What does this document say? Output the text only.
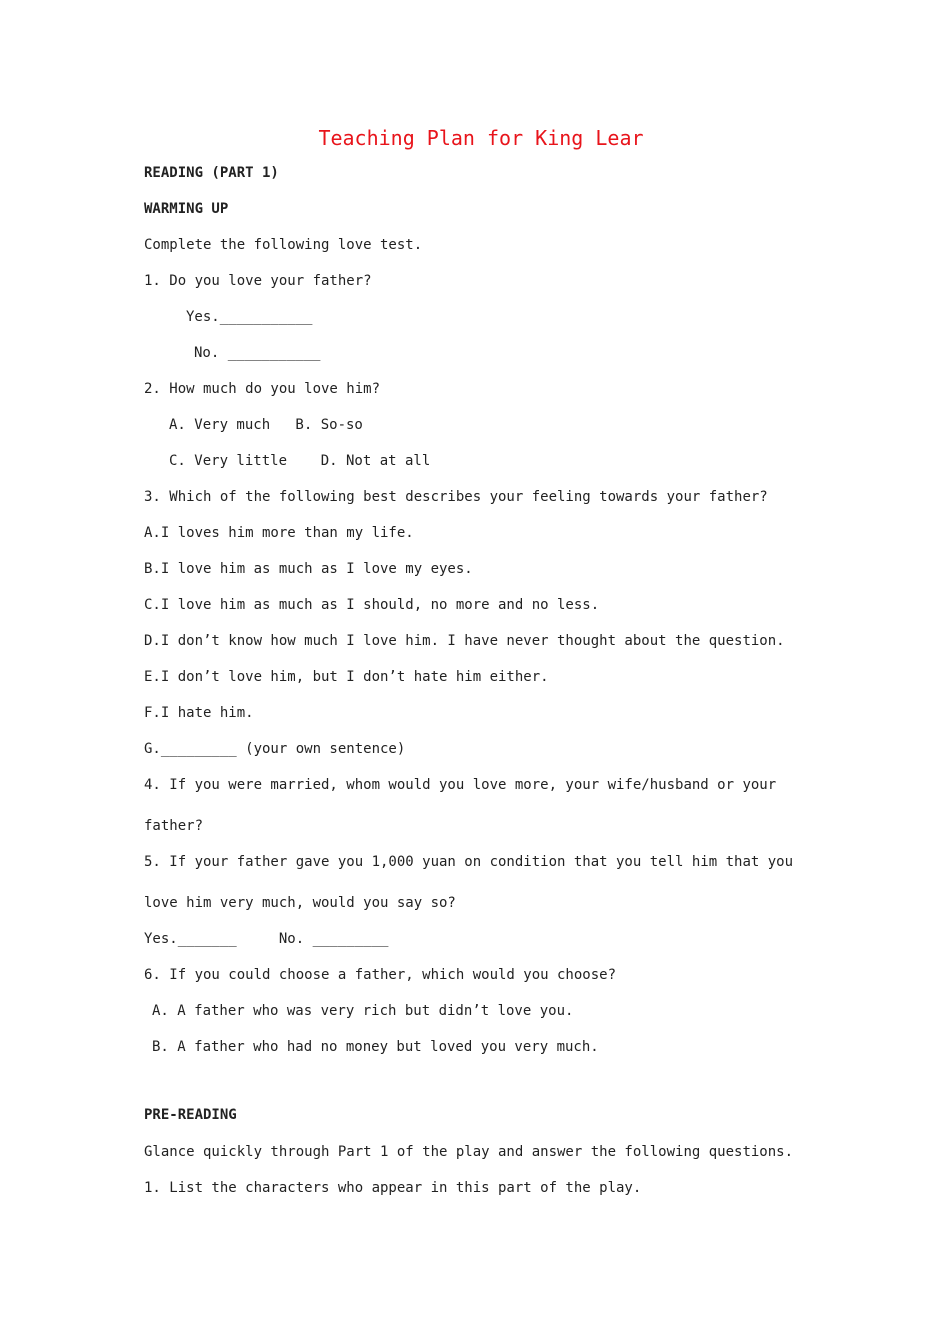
Teaching Plan for King Lear
READING (PART 1)
WARMING UP
Complete the following love test.
1. Do you love your father?
Yes.___________
No. ___________
2. How much do you love him?
A. Very much   B. So-so
C. Very little    D. Not at all
3. Which of the following best describes your feeling towards your father?
A.I loves him more than my life.
B.I love him as much as I love my eyes.
C.I love him as much as I should, no more and no less.
D.I don’t know how much I love him. I have never thought about the question.
E.I don’t love him, but I don’t hate him either.
F.I hate him.
G._________ (your own sentence)
4. If you were married, whom would you love more, your wife/husband or your
father?
5. If your father gave you 1,000 yuan on condition that you tell him that you
love him very much, would you say so?
Yes._______     No. _________
6. If you could choose a father, which would you choose?
A. A father who was very rich but didn’t love you.
B. A father who had no money but loved you very much.
PRE-READING
Glance quickly through Part 1 of the play and answer the following questions.
1. List the characters who appear in this part of the play.
